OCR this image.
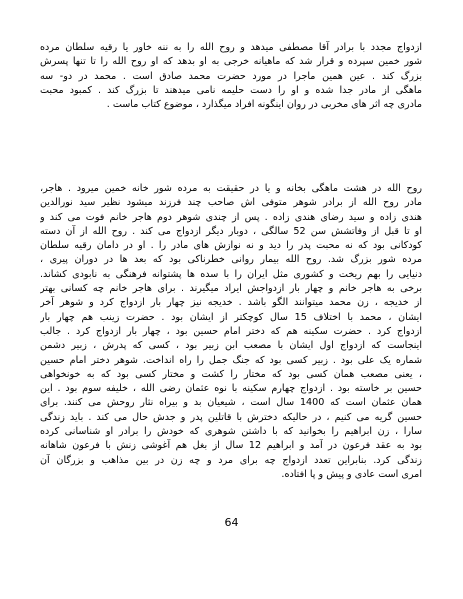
ازدواج مجدد با برادر آقا مصطفی میدهد و روح الله را به ننه خاور یا رقیه سلطان مرده
شور خمین سپرده و قرار شد که ماهیانه خرجی به او بدهد که او روح الله را تا تنها پسرش
بزرگ کند . عین همین ماجرا در مورد حضرت محمد صادق است . محمد در دو- سه
ماهگی از مادر جدا شده و او را دست حلیمه نامی میدهند تا بزرگ کند . کمبود محبت
مادری چه اثر های مخربی در روان اینگونه افراد میگذارد ، موضوع کتاب ماست .
روح الله در هشت ماهگی بخانه و یا در حقیقت به مرده شور خانه خمین میرود . هاجر،
مادر روح الله از برادر شوهر متوفی اش صاحب چند فرزند میشود نظیر سید نورالدین
هندی زاده و سید رضای هندی زاده . پس از چندی شوهر دوم هاجر خانم فوت می کند و
او تا قبل از وفاتشش سن 52 سالگی ، دوبار دیگر ازدواج می کند . روح الله از آن دسته
کودکانی بود که نه محبت پدر را دید و نه نوازش های مادر را . او در دامان رقیه سلطان
مرده شور بزرگ شد. روح الله بیمار روانی خطرناکی بود که بعد ها در دوران پیری ،
دنیایی را بهم ریخت و کشوری مثل ایران را با سده ها پشتوانه فرهنگی به نابودی کشاند.
برخی به هاجر خانم و چهار بار ازدواجش ایراد میگیرند . برای هاجر خانم چه کسانی بهتر
از خدیجه ، زن محمد میتوانند الگو باشد . خدیجه نیز چهار بار ازدواج کرد و شوهر آخر
ایشان ، محمد با اختلاف 15 سال کوچکتر از ایشان بود . حضرت زینب هم چهار بار
ازدواج کرد . حضرت سکینه هم که دختر امام حسین بود ، چهار بار ازدواج کرد . جالب
اینجاست که ازدواج اول ایشان با مصعب ابن زبیر بود ، کسی که پدرش ، زبیر دشمن
شماره یک علی بود . زبیر کسی بود که جنگ جمل را راه انداخت. شوهر دختر امام حسین
، یعنی مصعب همان کسی بود که مختار را کشت و مختار کسی بود که به خونخواهی
حسین بر خاسته بود . ازدواج چهارم سکینه با نوه عثمان رضی الله ، خلیفه سوم بود . این
همان عثمان است که 1400 سال است ، شیعیان بد و بیراه نثار روحش می کنند. برای
حسین گریه می کنیم ، در حالیکه دخترش با قاتلین پدر و جدش حال می کند . باید زندگی
سارا ، زن ابراهیم را بخوانید که با داشتن شوهری که خودش را برادر او شناسانی کرده
بود به عقد فرعون در آمد و ابراهیم 12 سال از بغل هم آغوشی زنش با فرعون شاهانه
زندگی کرد. بنابراین تعدد ازدواج چه برای مرد و چه زن در بین مذاهب و بزرگان آن
امری است عادی و پیش و پا افتاده.
64
